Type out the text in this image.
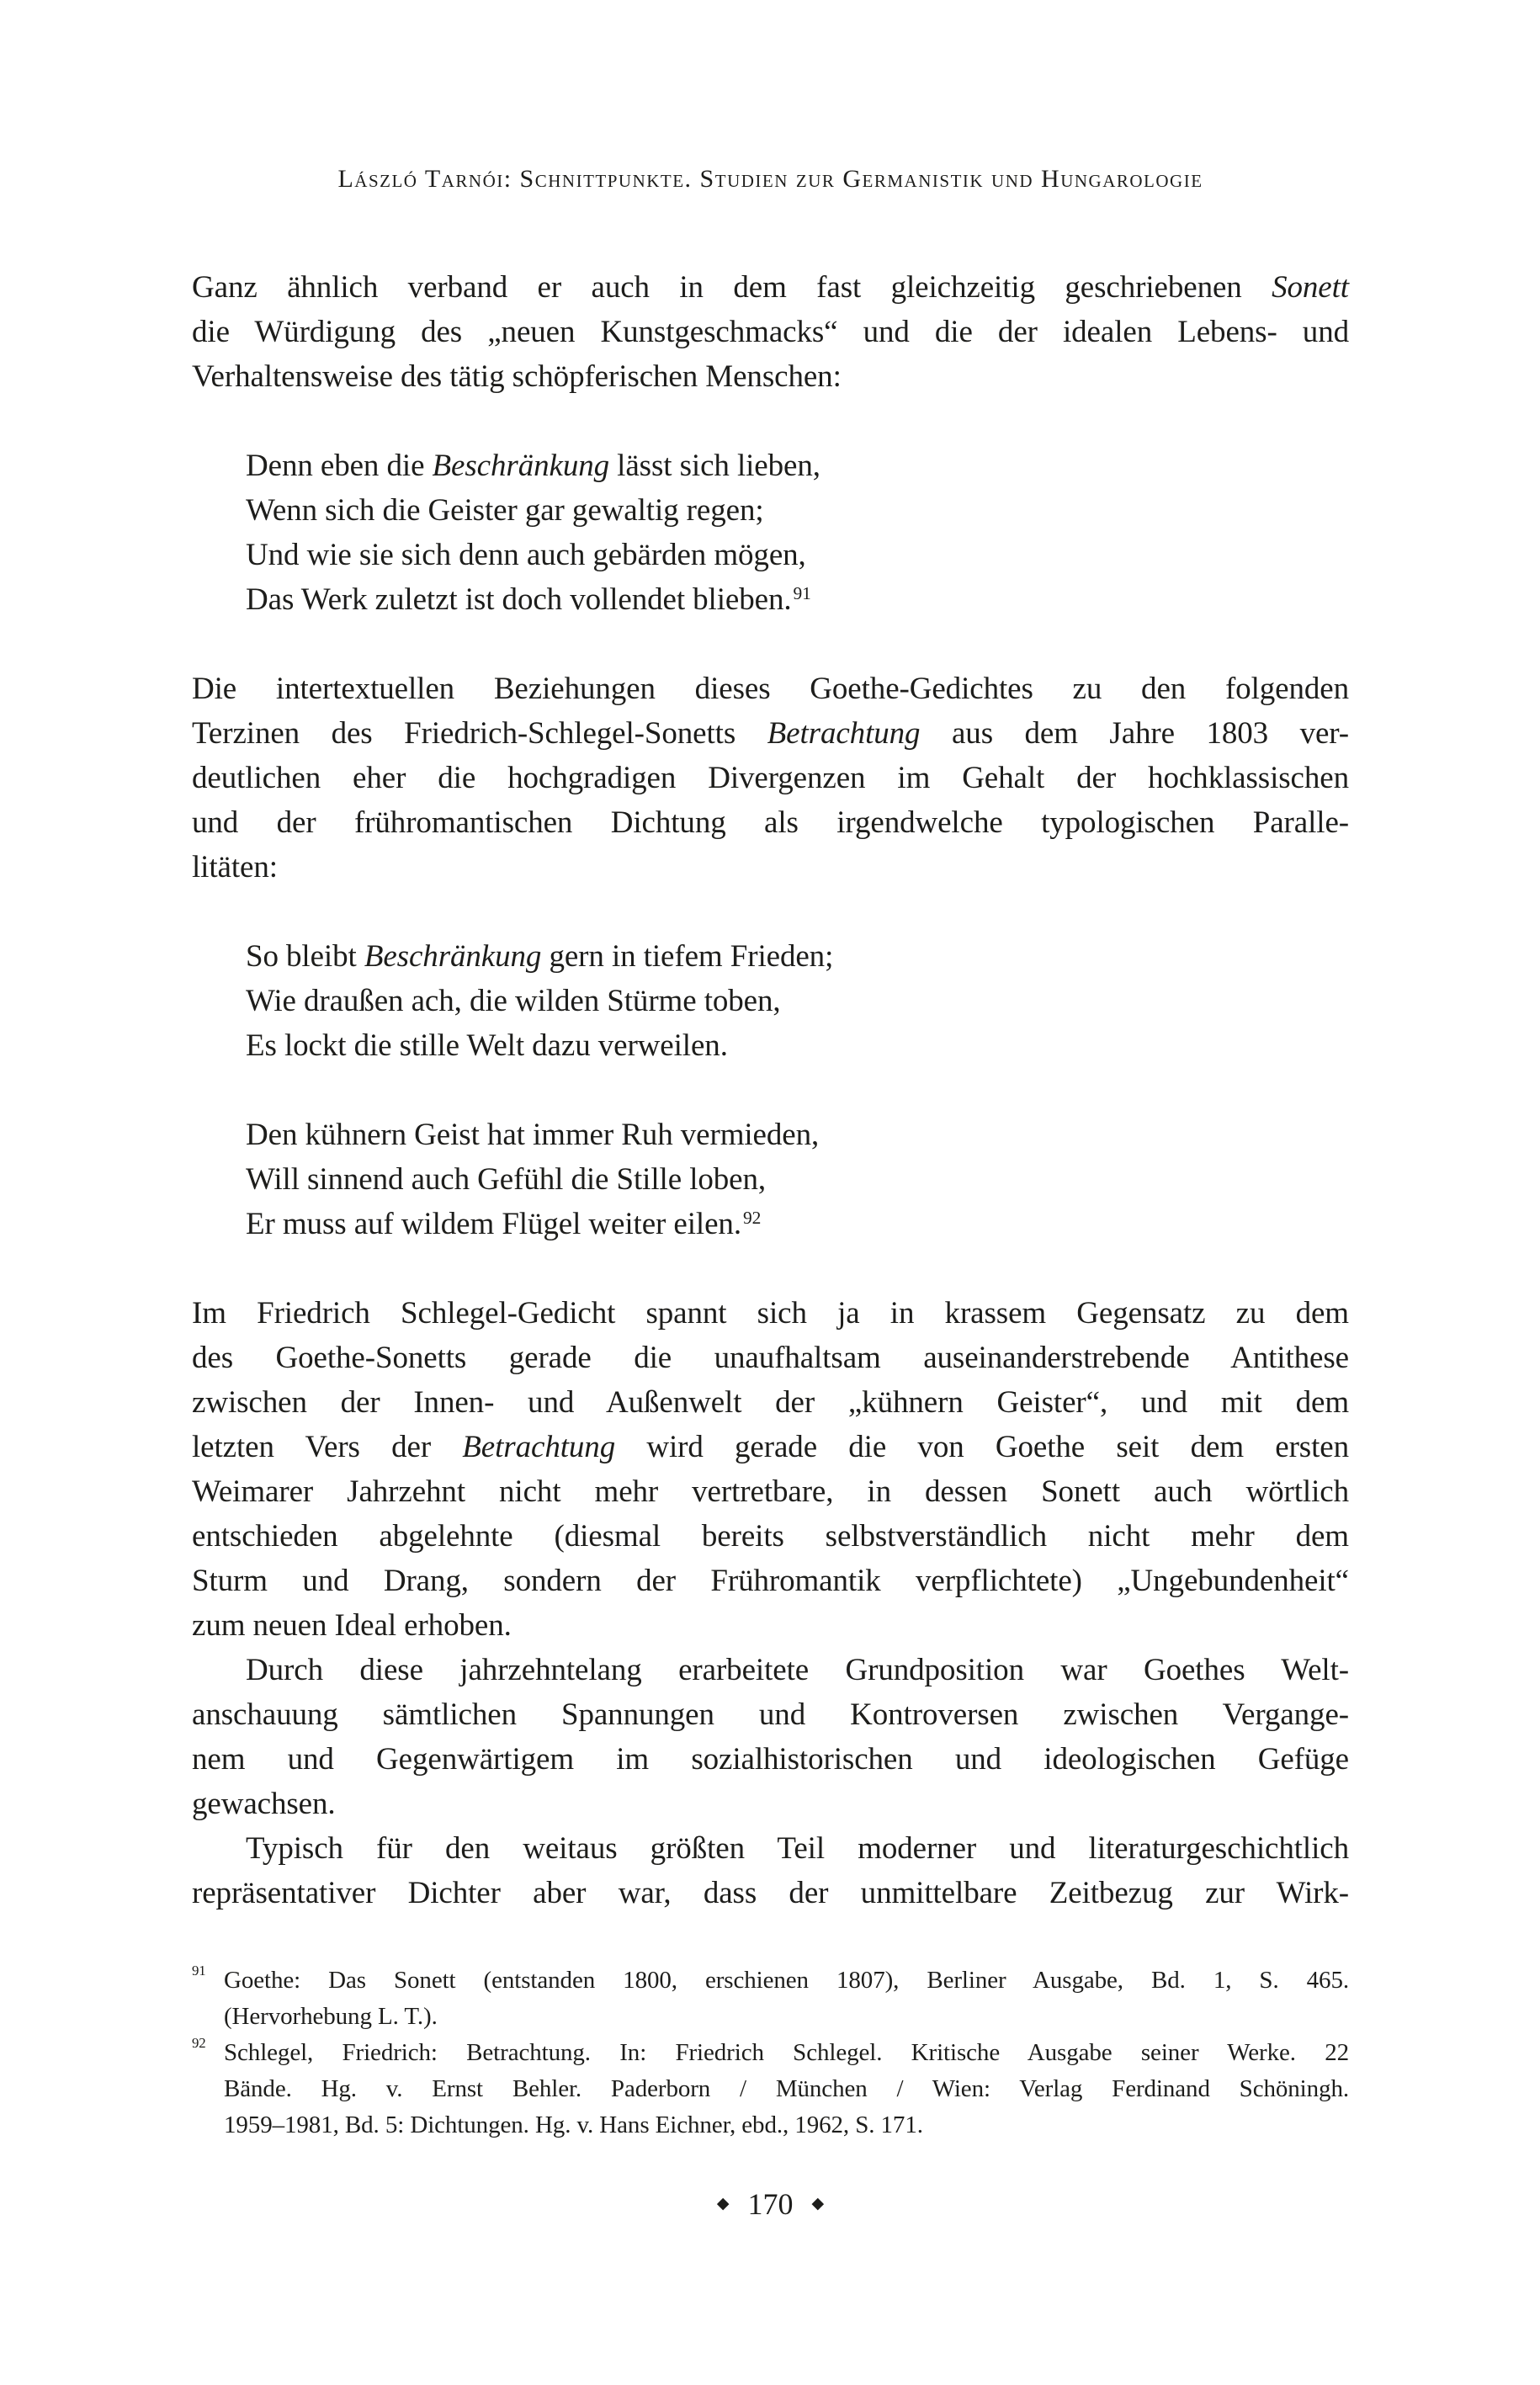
László Tarnói: Schnittpunkte. Studien zur Germanistik und Hungarologie
Ganz ähnlich verband er auch in dem fast gleichzeitig geschriebenen Sonett
die Würdigung des „neuen Kunstgeschmacks“ und die der idealen Lebens- und
Verhaltensweise des tätig schöpferischen Menschen:
Denn eben die Beschränkung lässt sich lieben,
Wenn sich die Geister gar gewaltig regen;
Und wie sie sich denn auch gebärden mögen,
Das Werk zuletzt ist doch vollendet blieben.$^{91}$
Die intertextuellen Beziehungen dieses Goethe-Gedichtes zu den folgenden
Terzinen des Friedrich-Schlegel-Sonetts Betrachtung aus dem Jahre 1803 ver-
deutlichen eher die hochgradigen Divergenzen im Gehalt der hochklassischen
und der frühromantischen Dichtung als irgendwelche typologischen Paralle-
litäten:
So bleibt Beschränkung gern in tiefem Frieden;
Wie draußen ach, die wilden Stürme toben,
Es lockt die stille Welt dazu verweilen.
Den kühnern Geist hat immer Ruh vermieden,
Will sinnend auch Gefühl die Stille loben,
Er muss auf wildem Flügel weiter eilen.$^{92}$
Im Friedrich Schlegel-Gedicht spannt sich ja in krassem Gegensatz zu dem
des Goethe-Sonetts gerade die unaufhaltsam auseinanderstrebende Antithese
zwischen der Innen- und Außenwelt der „kühnern Geister“, und mit dem
letzten Vers der Betrachtung wird gerade die von Goethe seit dem ersten
Weimarer Jahrzehnt nicht mehr vertretbare, in dessen Sonett auch wörtlich
entschieden abgelehnte (diesmal bereits selbstverständlich nicht mehr dem
Sturm und Drang, sondern der Frühromantik verpflichtete) „Ungebundenheit“
zum neuen Ideal erhoben.
Durch diese jahrzehntelang erarbeitete Grundposition war Goethes Welt-
anschauung sämtlichen Spannungen und Kontroversen zwischen Vergange-
nem und Gegenwärtigem im sozialhistorischen und ideologischen Gefüge
gewachsen.
Typisch für den weitaus größten Teil moderner und literaturgeschichtlich
repräsentativer Dichter aber war, dass der unmittelbare Zeitbezug zur Wirk-
91 Goethe: Das Sonett (entstanden 1800, erschienen 1807), Berliner Ausgabe, Bd. 1, S. 465.
(Hervorhebung L. T.).
92 Schlegel, Friedrich: Betrachtung. In: Friedrich Schlegel. Kritische Ausgabe seiner Werke. 22
Bände. Hg. v. Ernst Behler. Paderborn / München / Wien: Verlag Ferdinand Schöningh.
1959–1981, Bd. 5: Dichtungen. Hg. v. Hans Eichner, ebd., 1962, S. 171.
◆ 170 ◆
